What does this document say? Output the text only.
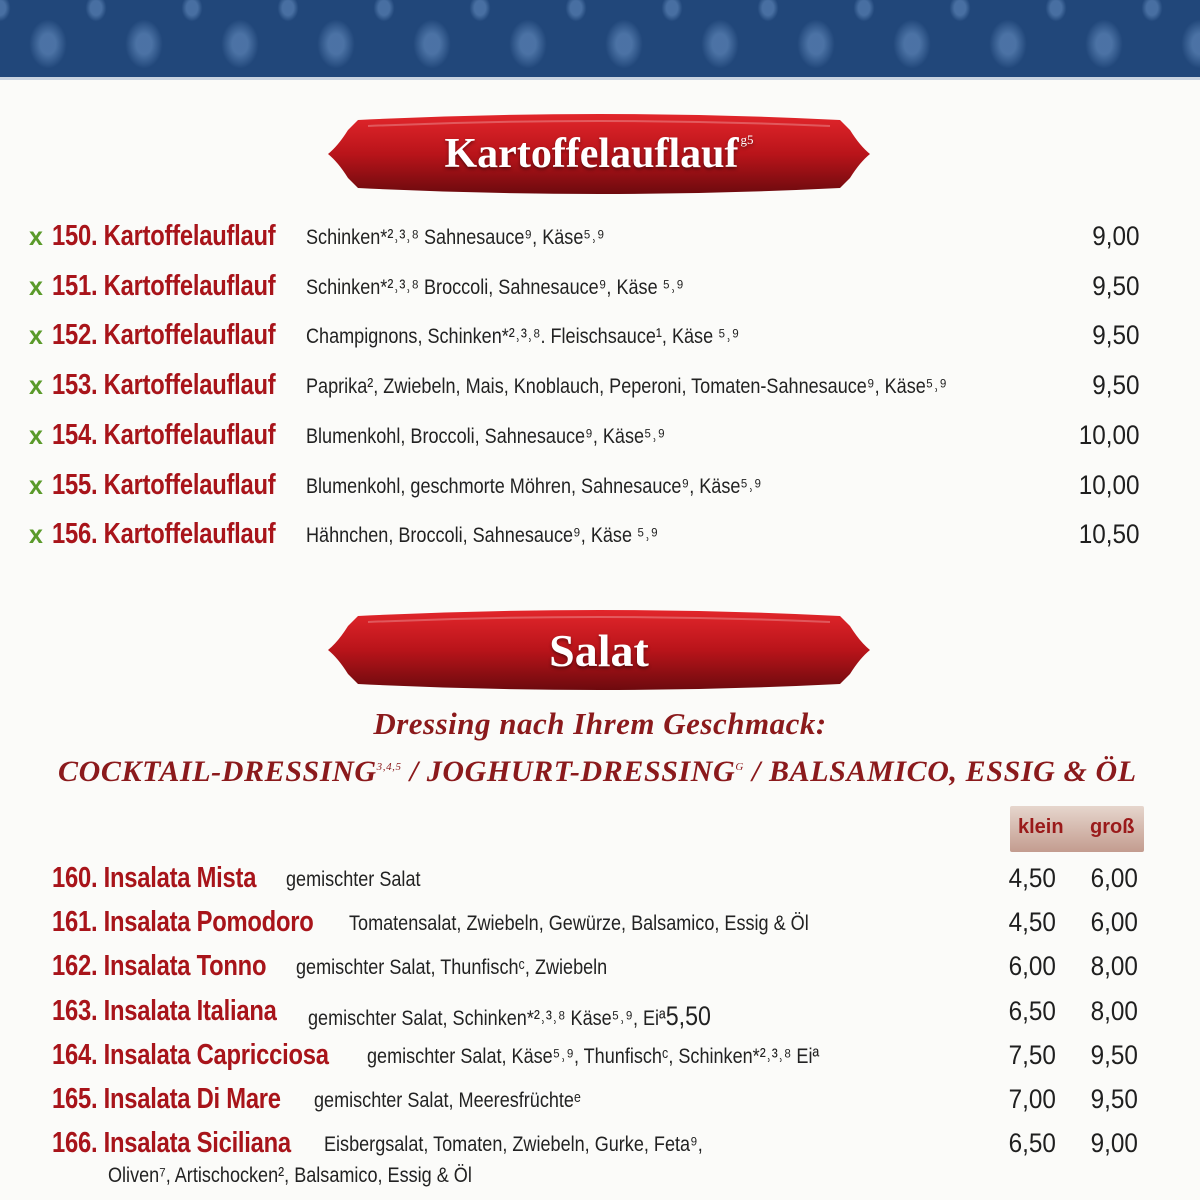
Kartoffelauflauf$^{g5}$
x 150. Kartoffelauflauf	Schinken*²˒³˒⁸ Sahnesauce⁹, Käse⁵˒⁹	9,00
x 151. Kartoffelauflauf	Schinken*²˒³˒⁸ Broccoli, Sahnesauce⁹, Käse ⁵˒⁹	9,50
x 152. Kartoffelauflauf	Champignons, Schinken*²˒³˒⁸. Fleischsauce¹, Käse ⁵˒⁹	9,50
x 153. Kartoffelauflauf	Paprika², Zwiebeln, Mais, Knoblauch, Peperoni, Tomaten-Sahnesauce⁹, Käse⁵˒⁹	9,50
x 154. Kartoffelauflauf	Blumenkohl, Broccoli, Sahnesauce⁹, Käse⁵˒⁹	10,00
x 155. Kartoffelauflauf	Blumenkohl, geschmorte Möhren, Sahnesauce⁹, Käse⁵˒⁹	10,00
x 156. Kartoffelauflauf	Hähnchen, Broccoli, Sahnesauce⁹, Käse ⁵˒⁹	10,50
Salat
Dressing nach Ihrem Geschmack:
COCKTAIL-DRESSING$^{3,4,5}$ / JOGHURT-$DRESSING^G$ / BALSAMICO, ESSIG & ÖL
klein groß
160. Insalata Mista	gemischter Salat	4,50 6,00
161. Insalata Pomodoro	Tomatensalat, Zwiebeln, Gewürze, Balsamico, Essig & Öl	4,50 6,00
162. Insalata Tonno	gemischter Salat, Thunfischᶜ, Zwiebeln	6,00 8,00
163. Insalata Italiana	gemischter Salat, Schinken*²˒³˒⁸ Käse⁵˒⁹, Eiª5,50	6,50 8,00
164. Insalata Capricciosa	gemischter Salat, Käse⁵˒⁹, Thunfischᶜ, Schinken*²˒³˒⁸ Eiª	7,50 9,50
165. Insalata Di Mare	gemischter Salat, Meeresfrüchteᵉ	7,00 9,50
166. Insalata Siciliana	Eisbergsalat, Tomaten, Zwiebeln, Gurke, Feta⁹,	6,50 9,00
Oliven⁷, Artischocken², Balsamico, Essig & Öl
